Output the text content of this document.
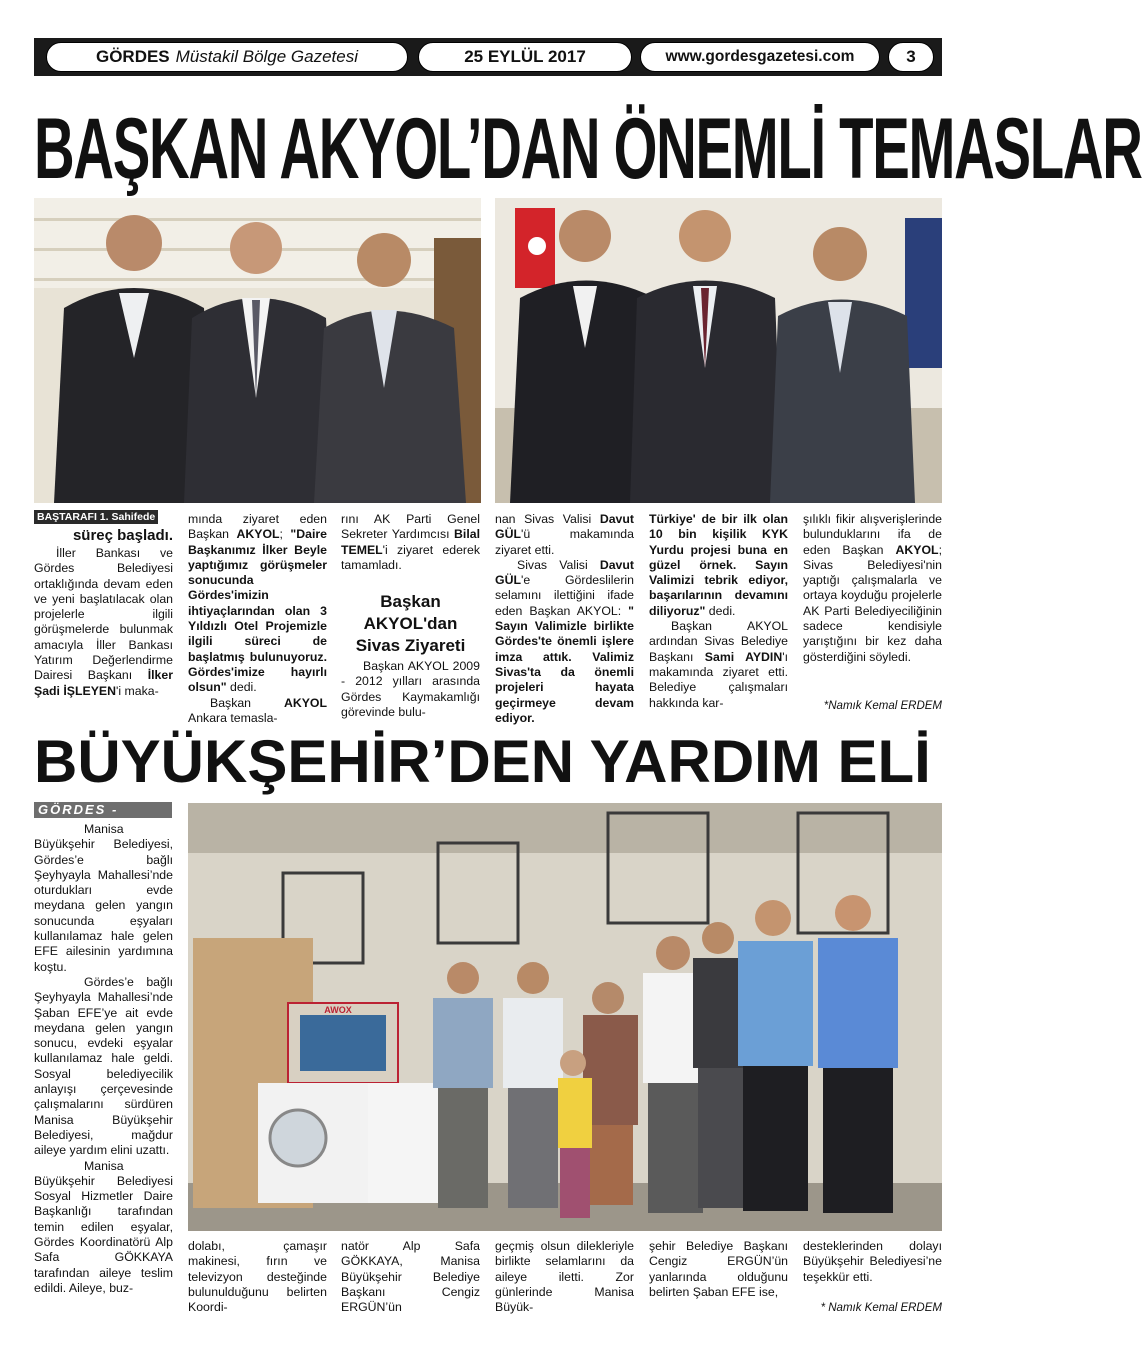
GÖRDES Müstakil Bölge Gazetesi	25 EYLÜL 2017	www.gordesgazetesi.com	3
BAŞKAN AKYOL’DAN ÖNEMLİ TEMASLAR
BAŞTARAFI 1. Sahifede
süreç başladı.

İller Bankası ve Gördes Belediyesi ortaklığında devam eden ve yeni başlatılacak olan projelerle ilgili görüşmelerde bulunmak amacıyla İller Bankası Yatırım Değerlendirme Dairesi Başkanı İlker Şadi İŞLEYEN'i maka-

mında ziyaret eden Başkan AKYOL; "Daire Başkanımız İlker Beyle yaptığımız görüşmeler sonucunda Gördes'imizin ihtiyaçlarından olan 3 Yıldızlı Otel Projemizle ilgili süreci de başlatmış bulunuyoruz. Gördes'imize hayırlı olsun" dedi.

Başkan AKYOL Ankara temasla-

rını AK Parti Genel Sekreter Yardımcısı Bilal TEMEL'i ziyaret ederek tamamladı.

Başkan AKYOL'dan Sivas Ziyareti

Başkan AKYOL 2009 - 2012 yılları arasında Gördes Kaymakamlığı görevinde bulu-

nan Sivas Valisi Davut GÜL'ü makamında ziyaret etti.

Sivas Valisi Davut GÜL'e Gördeslilerin selamını ilettiğini ifade eden Başkan AKYOL: " Sayın Valimizle birlikte Gördes'te önemli işlere imza attık. Valimiz Sivas'ta da önemli projeleri hayata geçirmeye devam ediyor.

Türkiye' de bir ilk olan 10 bin kişilik KYK Yurdu projesi buna en güzel örnek. Sayın Valimizi tebrik ediyor, başarılarının devamını diliyoruz" dedi.

Başkan AKYOL ardından Sivas Belediye Başkanı Sami AYDIN'ı makamında ziyaret etti. Belediye çalışmaları hakkında kar-

şılıklı fikir alışverişlerinde bulunduklarını ifa de eden Başkan AKYOL; Sivas Belediyesi'nin yaptığı çalışmalarla ve ortaya koyduğu projelerle AK Parti Belediyeciliğinin sadece kendisiyle yarıştığını bir kez daha gösterdiğini söyledi.

*Namık Kemal ERDEM
BÜYÜKŞEHİR’DEN YARDIM ELİ
GÖRDES -

Manisa Büyükşehir Belediyesi, Gördes’e bağlı Şeyhyayla Mahallesi’nde oturdukları evde meydana gelen yangın sonucunda eşyaları kullanılamaz hale gelen EFE ailesinin yardımına koştu.

Gördes’e bağlı Şeyhyayla Mahallesi’nde Şaban EFE’ye ait evde meydana gelen yangın sonucu, evdeki eşyalar kullanılamaz hale geldi. Sosyal belediyecilik anlayışı çerçevesinde çalışmalarını sürdüren Manisa Büyükşehir Belediyesi, mağdur aileye yardım elini uzattı.

Manisa Büyükşehir Belediyesi Sosyal Hizmetler Daire Başkanlığı tarafından temin edilen eşyalar, Gördes Koordinatörü Alp Safa GÖKKAYA tarafından aileye teslim edildi. Aileye, buz-

AWOX

dolabı, çamaşır makinesi, fırın ve televizyon desteğinde bulunulduğunu belirten Koordi-

natör Alp Safa GÖKKAYA, Manisa Büyükşehir Belediye Başkanı Cengiz ERGÜN’ün

geçmiş olsun dilekleriyle birlikte selamlarını da aileye iletti. Zor günlerinde Manisa Büyük-

şehir Belediye Başkanı Cengiz ERGÜN’ün yanlarında olduğunu belirten Şaban EFE ise,

desteklerinden dolayı Büyükşehir Belediyesi’ne teşekkür etti.

* Namık Kemal ERDEM
